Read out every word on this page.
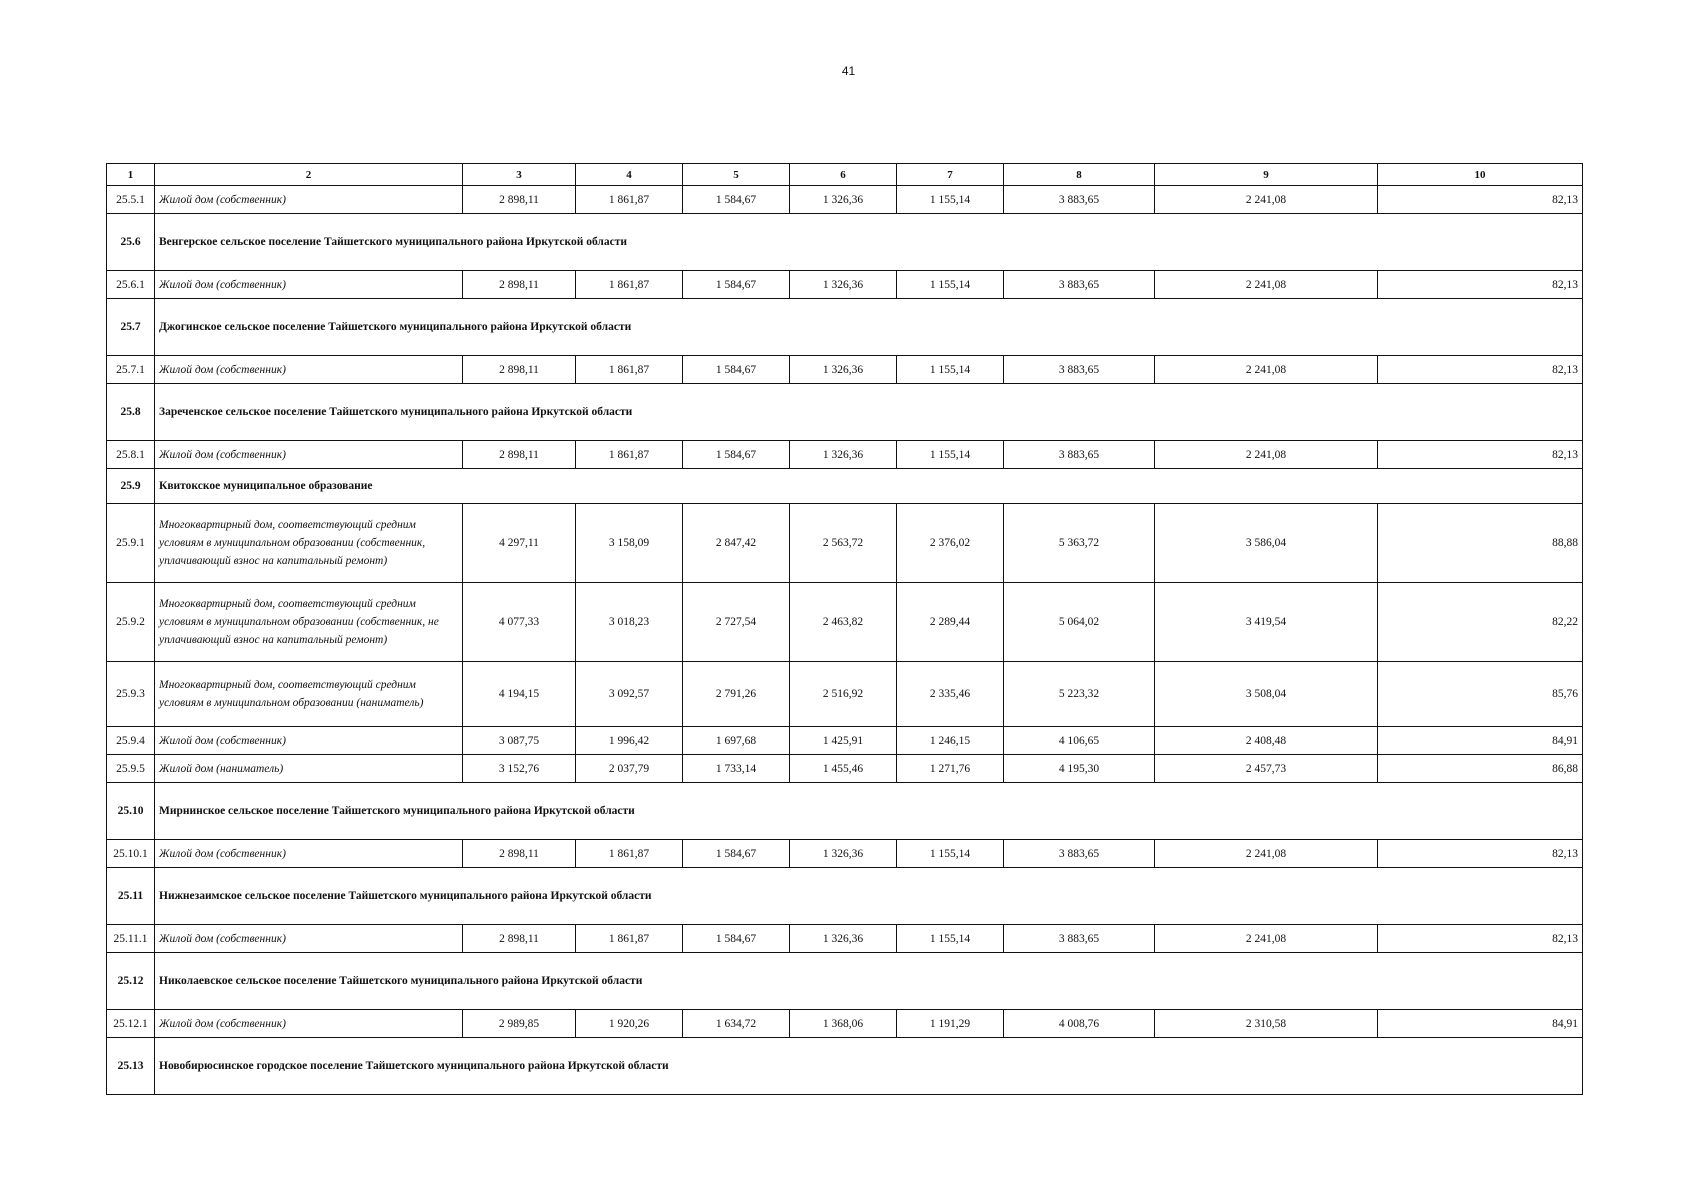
41
1	2	3	4	5	6	7	8	9	10
25.5.1	Жилой дом (собственник)	2 898,11	1 861,87	1 584,67	1 326,36	1 155,14	3 883,65	2 241,08	82,13
25.6	Венгерское сельское поселение Тайшетского муниципального района Иркутской области								
25.6.1	Жилой дом (собственник)	2 898,11	1 861,87	1 584,67	1 326,36	1 155,14	3 883,65	2 241,08	82,13
25.7	Джогинское сельское поселение Тайшетского муниципального района Иркутской области								
25.7.1	Жилой дом (собственник)	2 898,11	1 861,87	1 584,67	1 326,36	1 155,14	3 883,65	2 241,08	82,13
25.8	Зареченское сельское поселение Тайшетского муниципального района Иркутской области								
25.8.1	Жилой дом (собственник)	2 898,11	1 861,87	1 584,67	1 326,36	1 155,14	3 883,65	2 241,08	82,13
25.9	Квитокское муниципальное образование								
25.9.1	Многоквартирный дом, соответствующий средним условиям в муниципальном образовании (собственник, уплачивающий взнос на капитальный ремонт)	4 297,11	3 158,09	2 847,42	2 563,72	2 376,02	5 363,72	3 586,04	88,88
25.9.2	Многоквартирный дом, соответствующий средним условиям в муниципальном образовании (собственник, не уплачивающий взнос на капитальный ремонт)	4 077,33	3 018,23	2 727,54	2 463,82	2 289,44	5 064,02	3 419,54	82,22
25.9.3	Многоквартирный дом, соответствующий средним условиям в муниципальном образовании (наниматель)	4 194,15	3 092,57	2 791,26	2 516,92	2 335,46	5 223,32	3 508,04	85,76
25.9.4	Жилой дом (собственник)	3 087,75	1 996,42	1 697,68	1 425,91	1 246,15	4 106,65	2 408,48	84,91
25.9.5	Жилой дом (наниматель)	3 152,76	2 037,79	1 733,14	1 455,46	1 271,76	4 195,30	2 457,73	86,88
25.10	Мирнинское сельское поселение Тайшетского муниципального района Иркутской области								
25.10.1	Жилой дом (собственник)	2 898,11	1 861,87	1 584,67	1 326,36	1 155,14	3 883,65	2 241,08	82,13
25.11	Нижнезаимское сельское поселение Тайшетского муниципального района Иркутской области								
25.11.1	Жилой дом (собственник)	2 898,11	1 861,87	1 584,67	1 326,36	1 155,14	3 883,65	2 241,08	82,13
25.12	Николаевское сельское поселение Тайшетского муниципального района Иркутской области								
25.12.1	Жилой дом (собственник)	2 989,85	1 920,26	1 634,72	1 368,06	1 191,29	4 008,76	2 310,58	84,91
25.13	Новобирюсинское городское поселение Тайшетского муниципального района Иркутской области								
